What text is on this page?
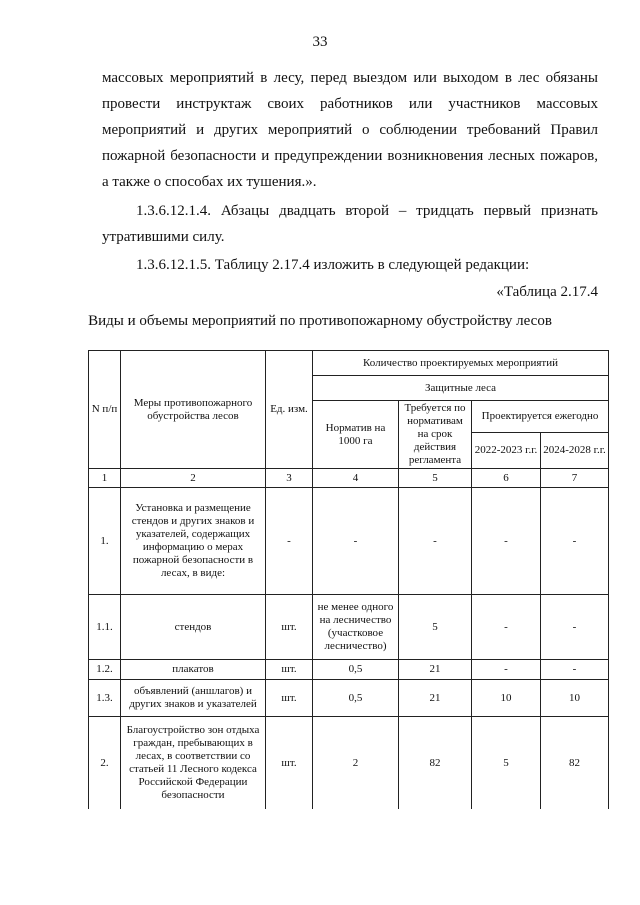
33
массовых мероприятий в лесу, перед выездом или выходом в лес обязаны
провести инструктаж своих работников или участников массовых
мероприятий и других мероприятий о соблюдении требований Правил
пожарной безопасности и предупреждении возникновения лесных пожаров,
а также о способах их тушения.».
1.3.6.12.1.4. Абзацы двадцать второй – тридцать первый признать
утратившими силу.
1.3.6.12.1.5. Таблицу 2.17.4 изложить в следующей редакции:
«Таблица 2.17.4
Виды и объемы мероприятий по противопожарному обустройству лесов
N п/п	Меры противопожарного обустройства лесов	Ед. изм.	Количество проектируемых мероприятий			
			Защитные леса			
			Норматив на 1000 га	Требуется по нормативам на срок действия регламента	Проектируется ежегодно	
					2022-2023 г.г.	2024-2028 г.г.
1	2	3	4	5	6	7
1.	Установка и размещение стендов и других знаков и указателей, содержащих информацию о мерах пожарной безопасности в лесах, в виде:	-	-	-	-	-
1.1.	стендов	шт.	не менее одного на лесничество (участковое лесничество)	5	-	-
1.2.	плакатов	шт.	0,5	21	-	-
1.3.	объявлений (аншлагов) и других знаков и указателей	шт.	0,5	21	10	10
2.	Благоустройство зон отдыха граждан, пребывающих в лесах, в соответствии со статьей 11 Лесного кодекса Российской Федерации безопасности	шт.	2	82	5	82
